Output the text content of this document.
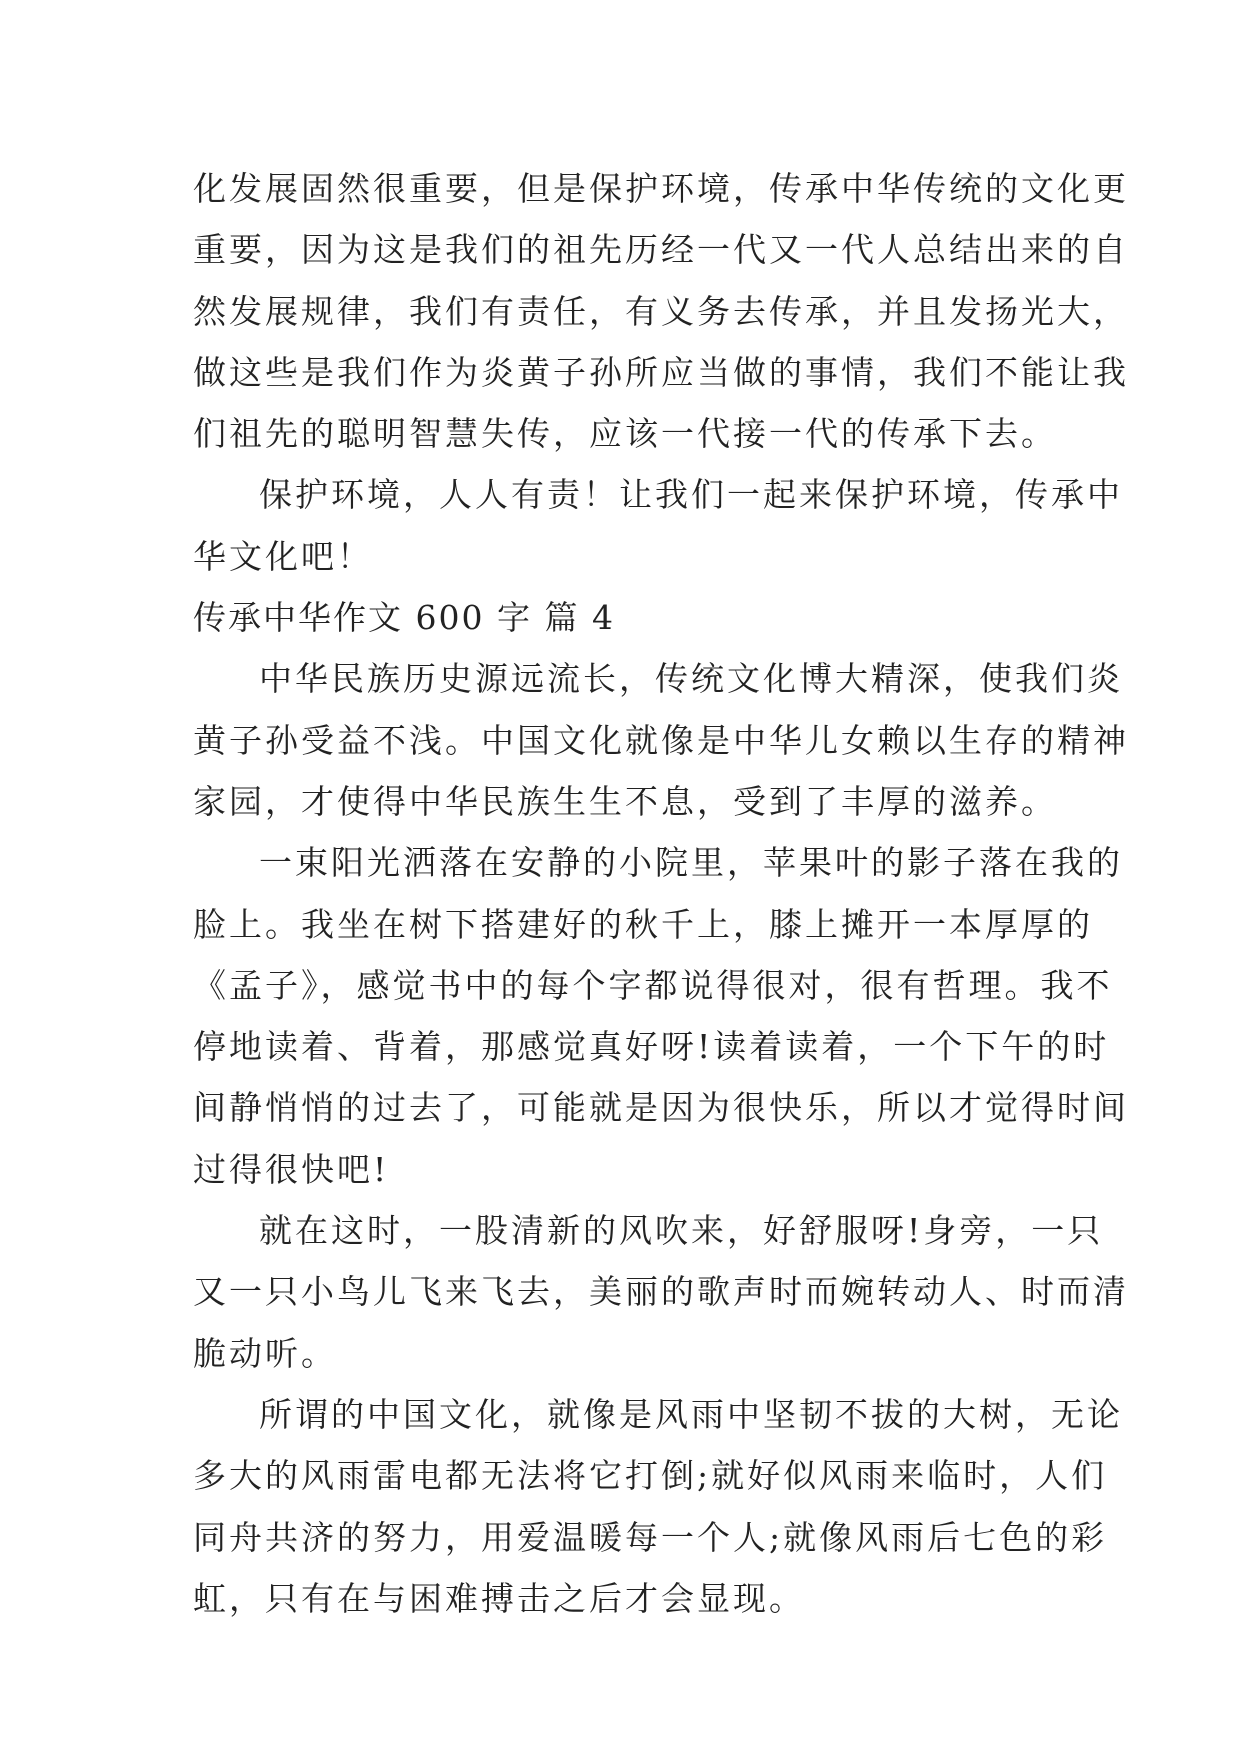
化发展固然很重要，但是保护环境，传承中华传统的文化更
重要，因为这是我们的祖先历经一代又一代人总结出来的自
然发展规律，我们有责任，有义务去传承，并且发扬光大，
做这些是我们作为炎黄子孙所应当做的事情，我们不能让我
们祖先的聪明智慧失传，应该一代接一代的传承下去。
保护环境，人人有责！让我们一起来保护环境，传承中
华文化吧！
传承中华作文 600 字 篇 4
中华民族历史源远流长，传统文化博大精深，使我们炎
黄子孙受益不浅。中国文化就像是中华儿女赖以生存的精神
家园，才使得中华民族生生不息，受到了丰厚的滋养。
一束阳光洒落在安静的小院里，苹果叶的影子落在我的
脸上。我坐在树下搭建好的秋千上，膝上摊开一本厚厚的
《孟子》，感觉书中的每个字都说得很对，很有哲理。我不
停地读着、背着，那感觉真好呀!读着读着，一个下午的时
间静悄悄的过去了，可能就是因为很快乐，所以才觉得时间
过得很快吧!
就在这时，一股清新的风吹来，好舒服呀!身旁，一只
又一只小鸟儿飞来飞去，美丽的歌声时而婉转动人、时而清
脆动听。
所谓的中国文化，就像是风雨中坚韧不拔的大树，无论
多大的风雨雷电都无法将它打倒;就好似风雨来临时，人们
同舟共济的努力，用爱温暖每一个人;就像风雨后七色的彩
虹，只有在与困难搏击之后才会显现。
